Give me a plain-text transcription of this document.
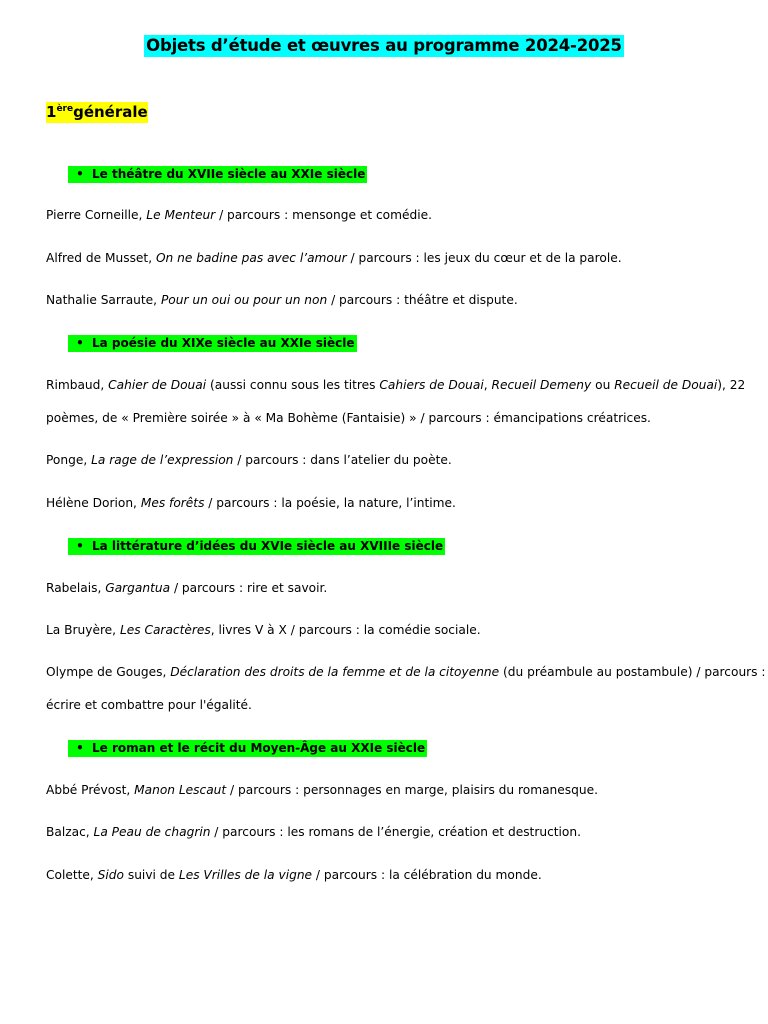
Objets d’étude et œuvres au programme 2024-2025
1èregénérale
• Le théâtre du XVIIe siècle au XXIe siècle
Pierre Corneille, Le Menteur / parcours : mensonge et comédie.
Alfred de Musset, On ne badine pas avec l’amour / parcours : les jeux du cœur et de la parole.
Nathalie Sarraute, Pour un oui ou pour un non / parcours : théâtre et dispute.
• La poésie du XIXe siècle au XXIe siècle
Rimbaud, Cahier de Douai (aussi connu sous les titres Cahiers de Douai, Recueil Demeny ou Recueil de Douai), 22
poèmes, de « Première soirée » à « Ma Bohème (Fantaisie) » / parcours : émancipations créatrices.
Ponge, La rage de l’expression / parcours : dans l’atelier du poète.
Hélène Dorion, Mes forêts / parcours : la poésie, la nature, l’intime.
• La littérature d’idées du XVIe siècle au XVIIIe siècle
Rabelais, Gargantua / parcours : rire et savoir.
La Bruyère, Les Caractères, livres V à X / parcours : la comédie sociale.
Olympe de Gouges, Déclaration des droits de la femme et de la citoyenne (du préambule au postambule) / parcours :
écrire et combattre pour l'égalité.
• Le roman et le récit du Moyen-Âge au XXIe siècle
Abbé Prévost, Manon Lescaut / parcours : personnages en marge, plaisirs du romanesque.
Balzac, La Peau de chagrin / parcours : les romans de l’énergie, création et destruction.
Colette, Sido suivi de Les Vrilles de la vigne / parcours : la célébration du monde.
